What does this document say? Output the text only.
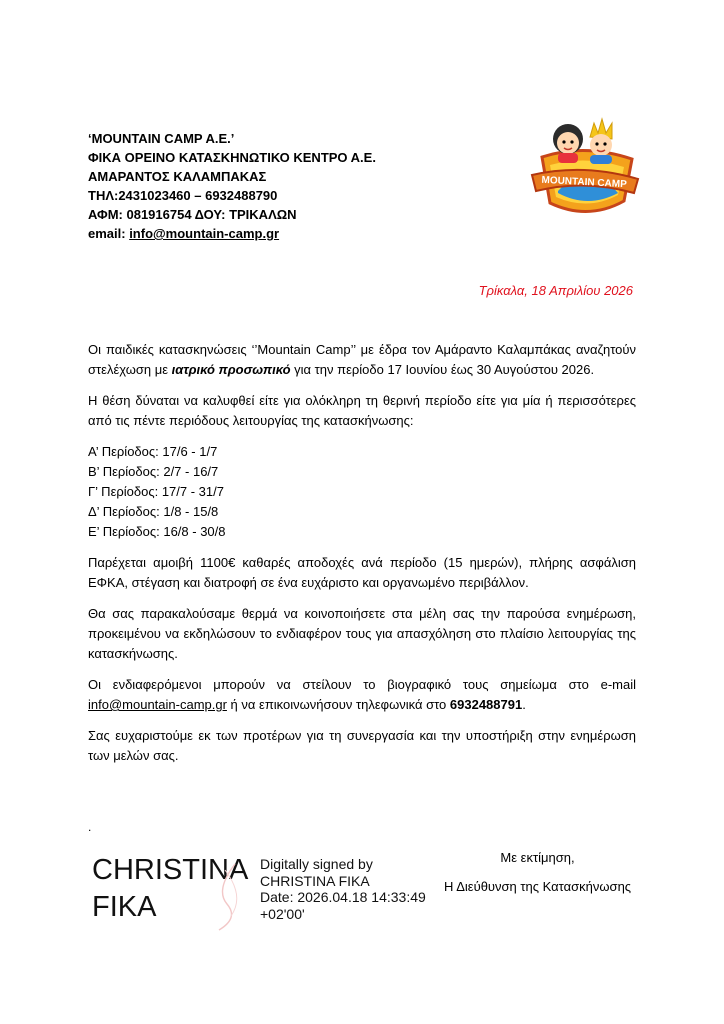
‘MOUNTAIN CAMP A.E.’
ΦΙΚΑ ΟΡΕΙΝΟ ΚΑΤΑΣΚΗΝΩΤΙΚΟ ΚΕΝΤΡΟ Α.Ε.
ΑΜΑΡΑΝΤΟΣ ΚΑΛΑΜΠΑΚΑΣ
ΤΗΛ:2431023460 – 6932488790
ΑΦΜ: 081916754 ΔΟΥ: ΤΡΙΚΑΛΩΝ
email: info@mountain-camp.gr
MOUNTAIN CAMP
Τρίκαλα, 18 Απριλίου 2026

Οι παιδικές κατασκηνώσεις ‘’Mountain Camp’’ με έδρα τον Αμάραντο Καλαμπάκας αναζητούν στελέχωση με ιατρικό προσωπικό για την περίοδο 17 Ιουνίου έως 30 Αυγούστου 2026.

Η θέση δύναται να καλυφθεί είτε για ολόκληρη τη θερινή περίοδο είτε για μία ή περισσότερες από τις πέντε περιόδους λειτουργίας της κατασκήνωσης:

Α’ Περίοδος: 17/6 - 1/7
Β’ Περίοδος: 2/7 - 16/7
Γ’ Περίοδος: 17/7 - 31/7
Δ’ Περίοδος: 1/8 - 15/8
Ε’ Περίοδος: 16/8 - 30/8

Παρέχεται αμοιβή 1100€ καθαρές αποδοχές ανά περίοδο (15 ημερών), πλήρης ασφάλιση ΕΦΚΑ, στέγαση και διατροφή σε ένα ευχάριστο και οργανωμένο περιβάλλον.

Θα σας παρακαλούσαμε θερμά να κοινοποιήσετε στα μέλη σας την παρούσα ενημέρωση, προκειμένου να εκδηλώσουν το ενδιαφέρον τους για απασχόληση στο πλαίσιο λειτουργίας της κατασκήνωσης.

Οι ενδιαφερόμενοι μπορούν να στείλουν το βιογραφικό τους σημείωμα στο e-mail info@mountain-camp.gr ή να επικοινωνήσουν τηλεφωνικά στο 6932488791.

Σας ευχαριστούμε εκ των προτέρων για τη συνεργασία και την υποστήριξη στην ενημέρωση των μελών σας.

.
CHRISTINA
FIKA
Digitally signed by
CHRISTINA FIKA
Date: 2026.04.18 14:33:49
+02'00'
Με εκτίμηση,
Η Διεύθυνση της Κατασκήνωσης
